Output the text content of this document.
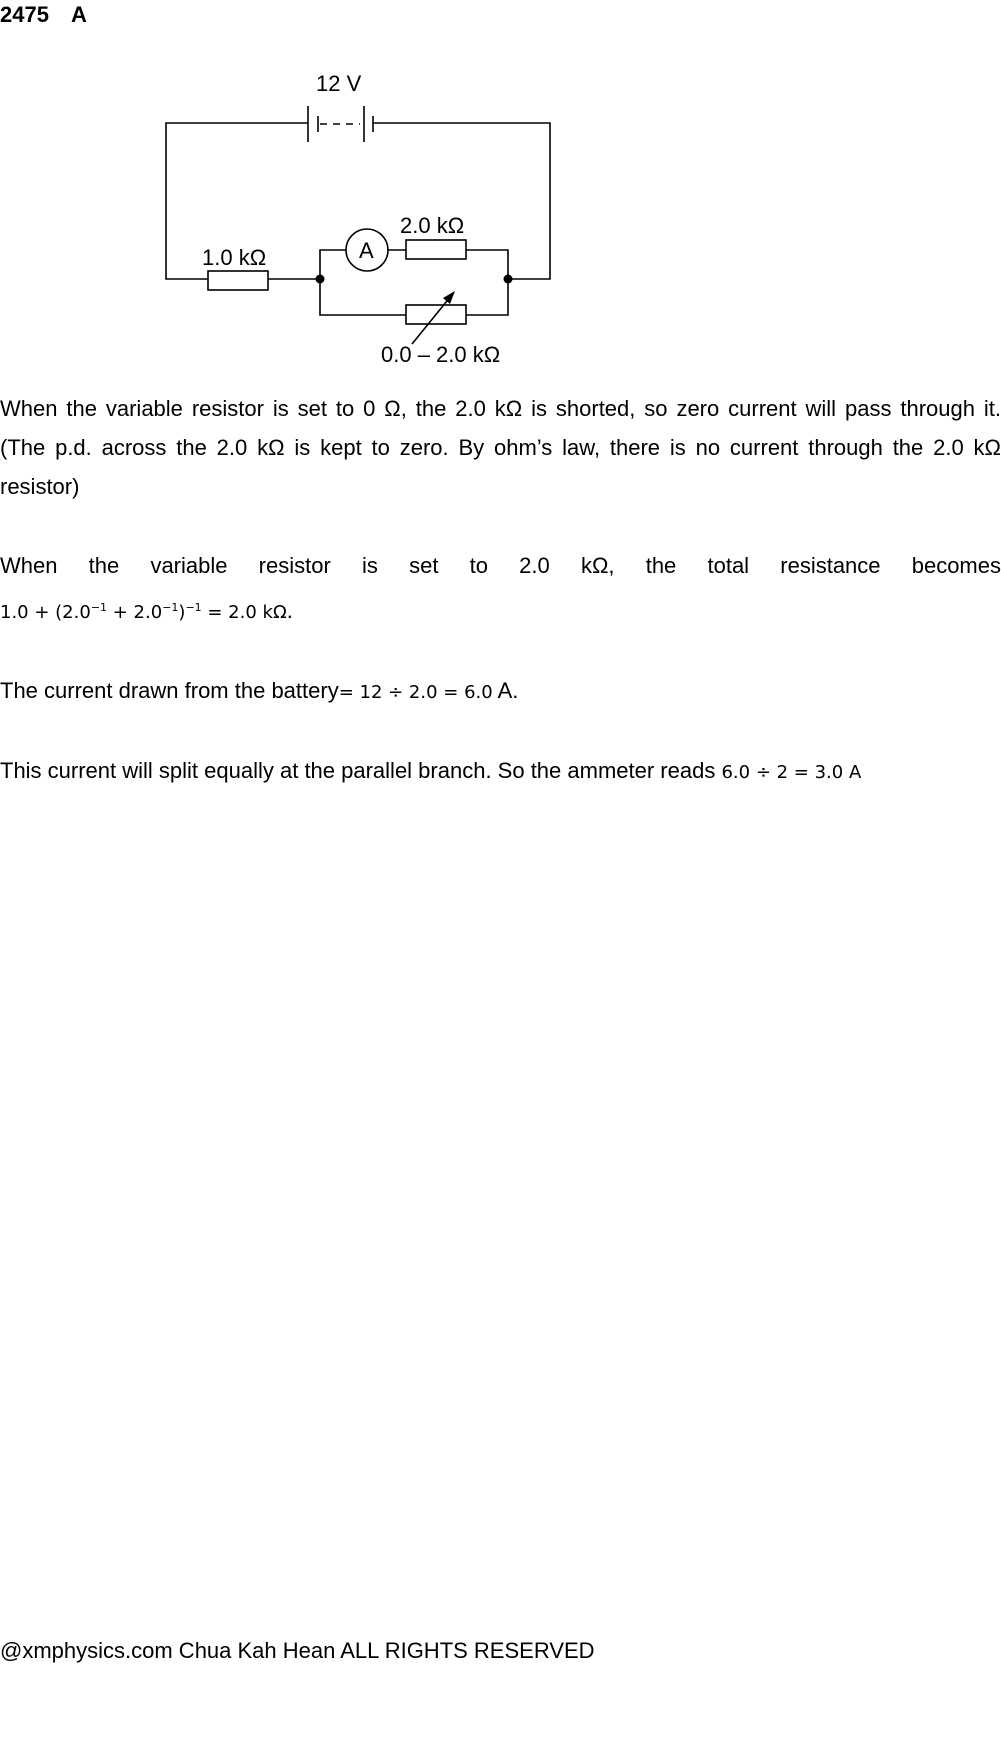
2475 A
12 V
1.0 kΩ
2.0 kΩ
A
0.0 – 2.0 kΩ
When the variable resistor is set to 0 Ω, the 2.0 kΩ is shorted, so zero current will pass through it.
(The p.d. across the 2.0 kΩ is kept to zero. By ohm’s law, there is no current through the 2.0 kΩ
resistor)
When the variable resistor is set to 2.0 kΩ, the total resistance becomes
$1.0 + (2.0^{-1} + 2.0^{-1})^{-1} = 2.0$ kΩ.
The current drawn from the battery= 12 ÷ 2.0 = 6.0 A.
This current will split equally at the parallel branch. So the ammeter reads 6.0 ÷ 2 = 3.0 A
@xmphysics.com Chua Kah Hean ALL RIGHTS RESERVED
